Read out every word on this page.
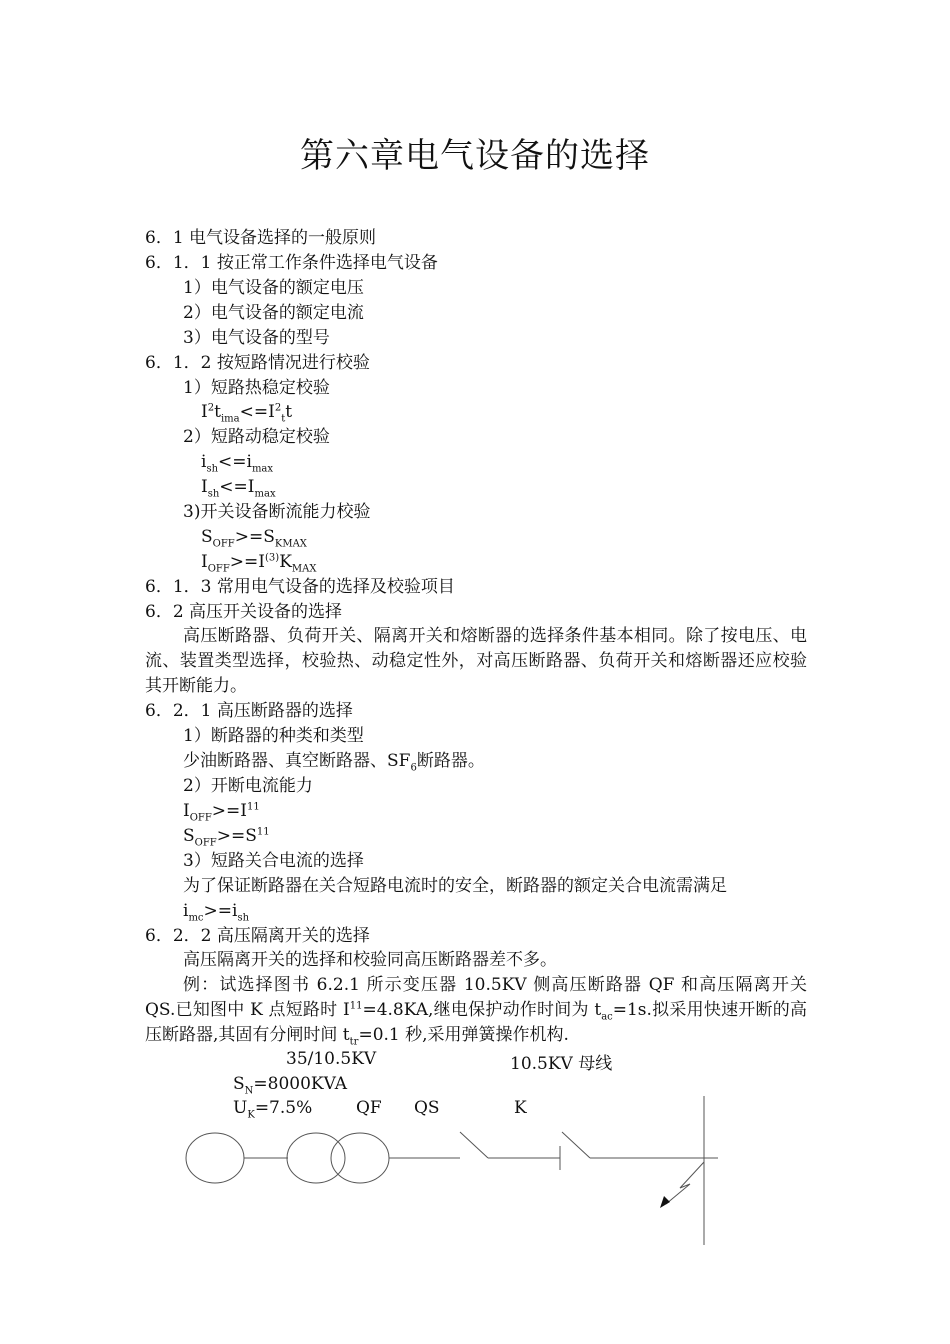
第六章电气设备的选择
6．1 电气设备选择的一般原则
6．1．1 按正常工作条件选择电气设备
1）电气设备的额定电压
2）电气设备的额定电流
3）电气设备的型号
6．1．2 按短路情况进行校验
1）短路热稳定校验
$I^2t_{ima}<=I^2_tt$
2）短路动稳定校验
$i_{sh}<=i_{max}$
$I_{sh}<=I_{max}$
3)开关设备断流能力校验
$S_{OFF}>=S_{KMAX}$
$I_{OFF}>=I^{(3)}K_{MAX}$
6．1．3 常用电气设备的选择及校验项目
6．2 高压开关设备的选择
高压断路器、负荷开关、隔离开关和熔断器的选择条件基本相同。除了按电压、电流、装置类型选择，校验热、动稳定性外，对高压断路器、负荷开关和熔断器还应校验其开断能力。
6．2．1 高压断路器的选择
1）断路器的种类和类型
少油断路器、真空断路器、$SF_6$断路器。
2）开断电流能力
$I_{OFF}>=I^{11}$
$S_{OFF}>=S^{11}$
3）短路关合电流的选择
为了保证断路器在关合短路电流时的安全，断路器的额定关合电流需满足
$i_{mc}>=i_{sh}$
6．2．2 高压隔离开关的选择
高压隔离开关的选择和校验同高压断路器差不多。
例：试选择图书 6.2.1 所示变压器 10.5KV 侧高压断路器 QF 和高压隔离开关 QS.已知图中 K 点短路时 $I^{11}=4.8KA$,继电保护动作时间为 $t_{ac}=1s$.拟采用快速开断的高压断路器,其固有分闸时间 $t_{tr}=0.1$ 秒,采用弹簧操作机构.
35/10.5KV	10.5KV 母线
$S_N=8000KVA$
$U_K=7.5\%$	QF QS	K
